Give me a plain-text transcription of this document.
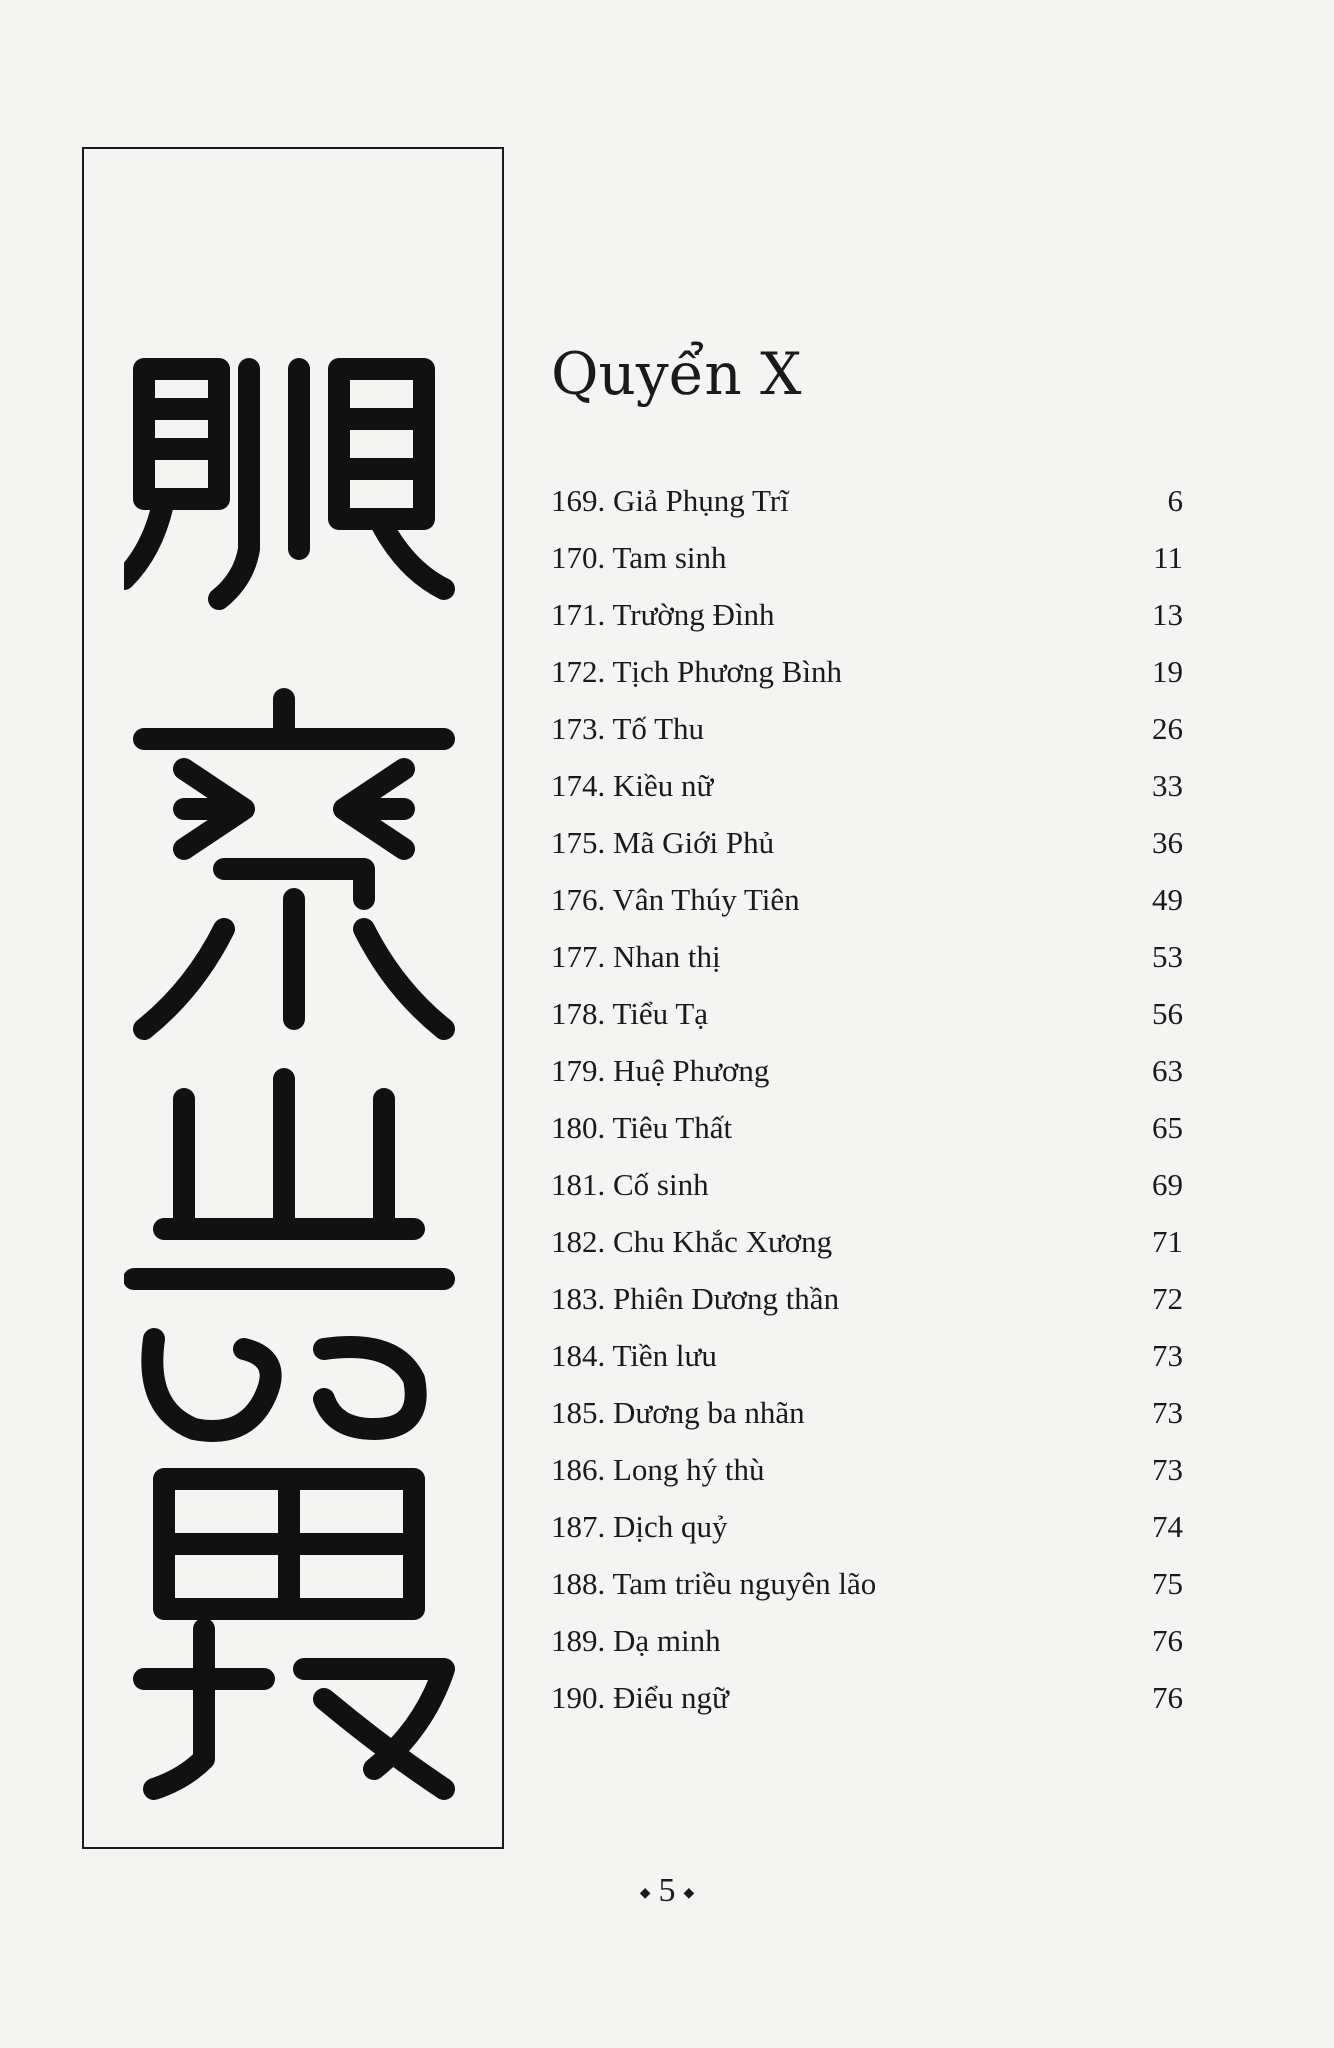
Quyển X
169. Giả Phụng Trĩ	6
170. Tam sinh	11
171. Trường Đình	13
172. Tịch Phương Bình	19
173. Tố Thu	26
174. Kiều nữ	33
175. Mã Giới Phủ	36
176. Vân Thúy Tiên	49
177. Nhan thị	53
178. Tiểu Tạ	56
179. Huệ Phương	63
180. Tiêu Thất	65
181. Cố sinh	69
182. Chu Khắc Xương	71
183. Phiên Dương thần	72
184. Tiền lưu	73
185. Dương ba nhãn	73
186. Long hý thù	73
187. Dịch quỷ	74
188. Tam triều nguyên lão	75
189. Dạ minh	76
190. Điểu ngữ	76
◆ 5 ◆
